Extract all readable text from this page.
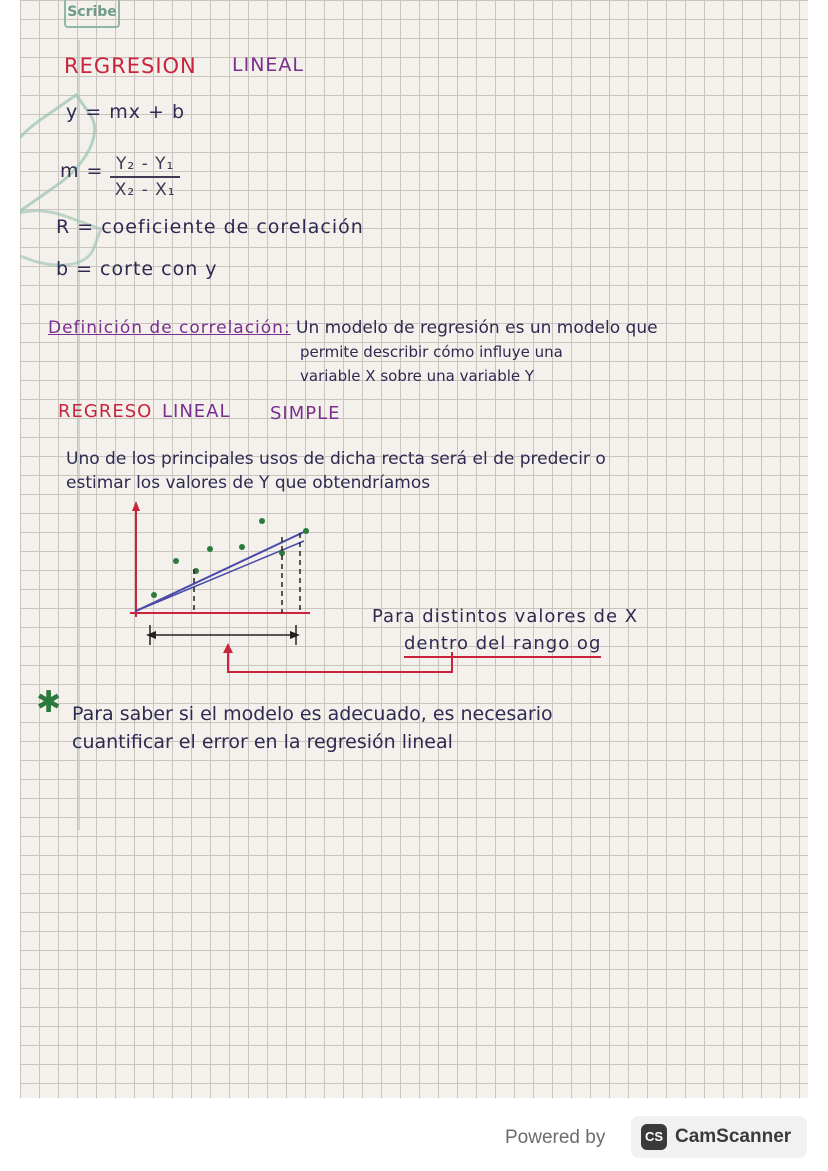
Scribe
REGRESION LINEAL
y = mx + b
$m = \frac{\text{Y₂ - Y₁}}{\text{X₂ - X₁}}$
R = coeficiente de corelación
b = corte con y
Definición de correlación: Un modelo de regresión es un modelo que
permite describir cómo influye una
variable X sobre una variable Y
REGRESO LINEAL SIMPLE
Uno de los principales usos de dicha recta será el de predecir o
estimar los valores de Y que obtendríamos
Para distintos valores de X
dentro del rango og
✱ Para saber si el modelo es adecuado, es necesario
cuantificar el error en la regresión lineal
Powered by	CS CamScanner
